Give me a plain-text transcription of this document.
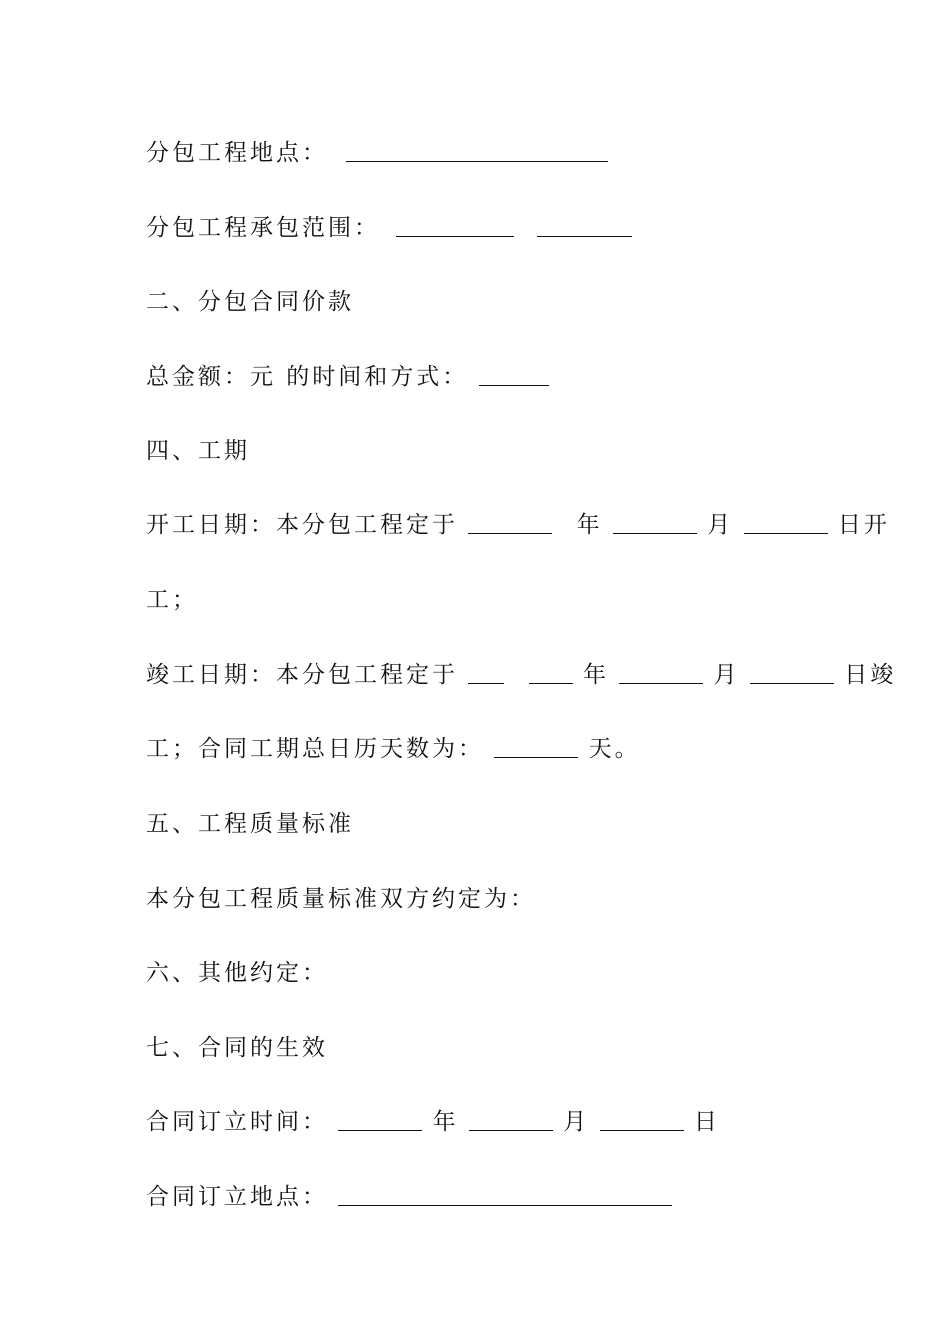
分包工程地点：
分包工程承包范围：
二、分包合同价款
总金额：元 的时间和方式：
四、工期
开工日期：本分包工程定于	年	月	日开
工；
竣工日期：本分包工程定于	年	月	日竣
工；合同工期总日历天数为：	天。
五、工程质量标准
本分包工程质量标准双方约定为：
六、其他约定：
七、合同的生效
合同订立时间：	年	月	日
合同订立地点：
